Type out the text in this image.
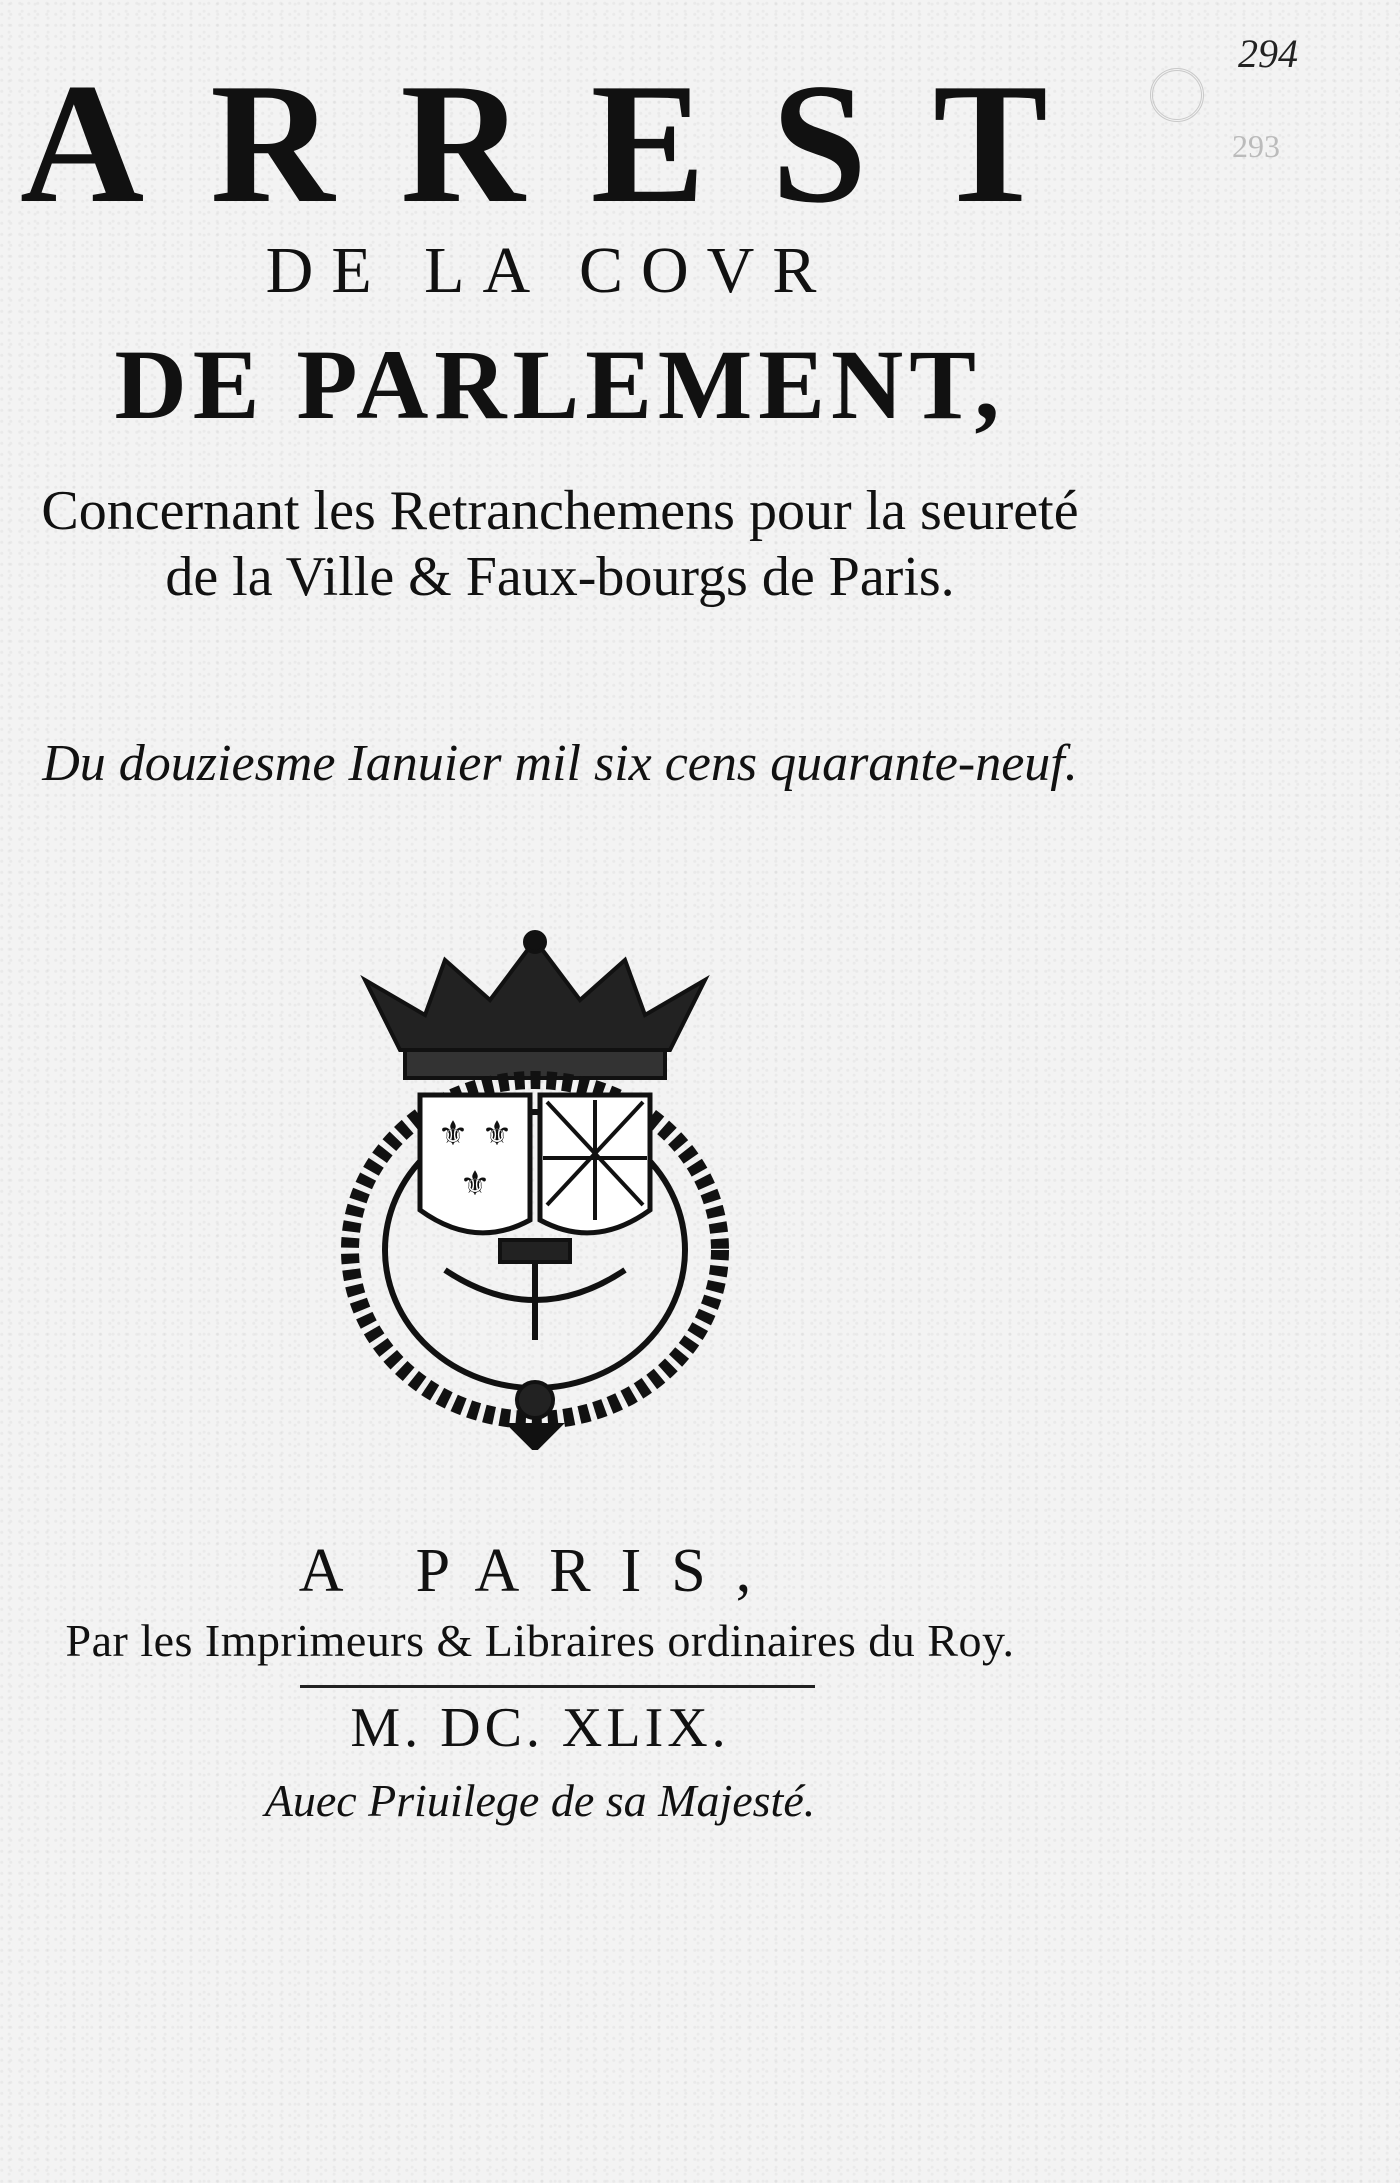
294
293
ARREST
DE LA COVR
DE PARLEMENT,
Concernant les Retranchemens pour la seureté de la Ville & Faux-bourgs de Paris.
Du douziesme Ianuier mil six cens quarante-neuf.
⚜ ⚜
⚜
A PARIS,
Par les Imprimeurs & Libraires ordinaires du Roy.
M. DC. XLIX.
Auec Priuilege de sa Majesté.
